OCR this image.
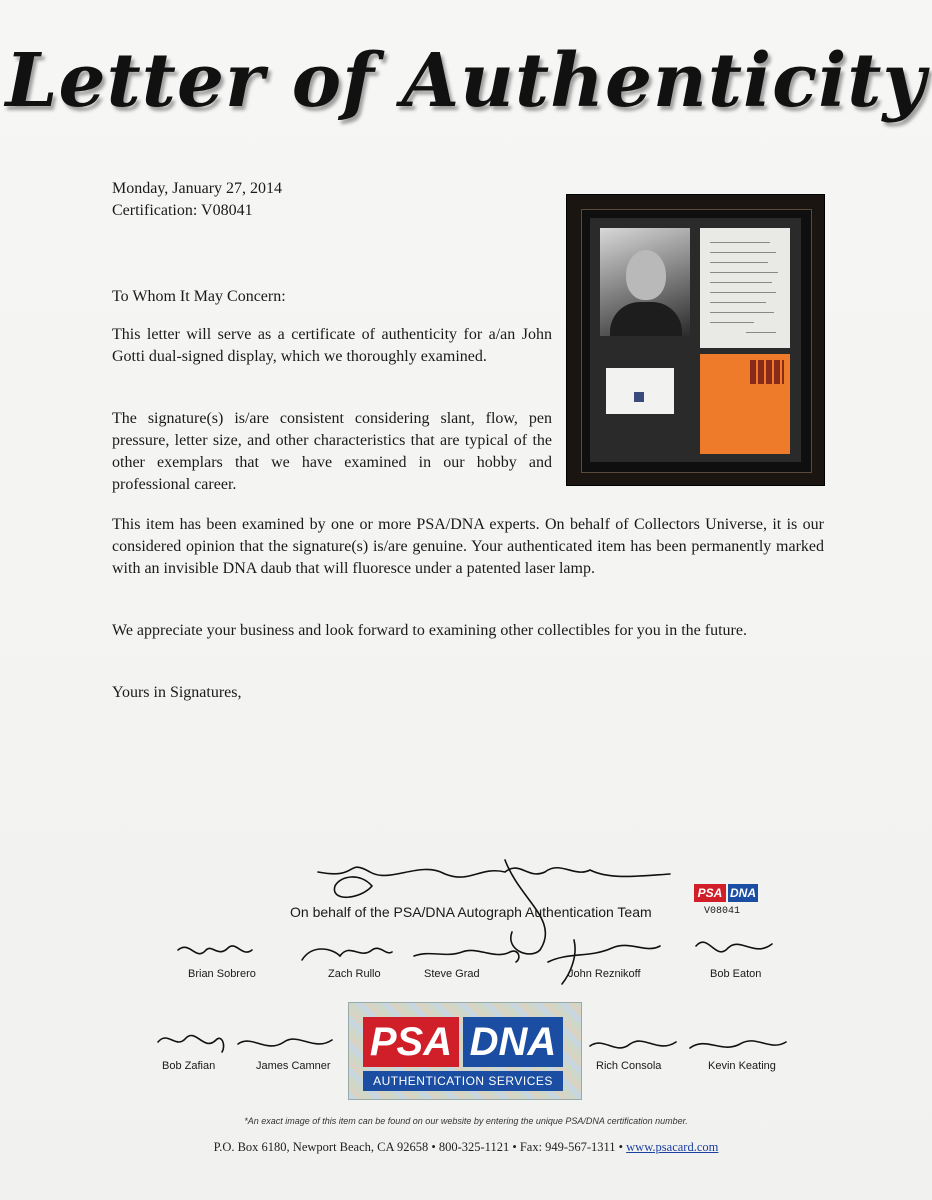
Letter of Authenticity
Monday, January 27, 2014
Certification: V08041
To Whom It May Concern:
This letter will serve as a certificate of authenticity for a/an John Gotti dual-signed display, which we thoroughly examined.
The signature(s) is/are consistent considering slant, flow, pen pressure, letter size, and other characteristics that are typical of the other exemplars that we have examined in our hobby and professional career.
This item has been examined by one or more PSA/DNA experts. On behalf of Collectors Universe, it is our considered opinion that the signature(s) is/are genuine. Your authenticated item has been permanently marked with an invisible DNA daub that will fluoresce under a patented laser lamp.
We appreciate your business and look forward to examining other collectibles for you in the future.
Yours in Signatures,
On behalf of the PSA/DNA Autograph Authentication Team
PSA DNA
V08041
Brian Sobrero	Zach Rullo	Steve Grad	John Reznikoff	Bob Eaton
Bob Zafian	James Camner	Rich Consola	Kevin Keating
PSA DNA
AUTHENTICATION SERVICES
*An exact image of this item can be found on our website by entering the unique PSA/DNA certification number.
P.O. Box 6180, Newport Beach, CA 92658 • 800-325-1121 • Fax: 949-567-1311 • www.psacard.com
